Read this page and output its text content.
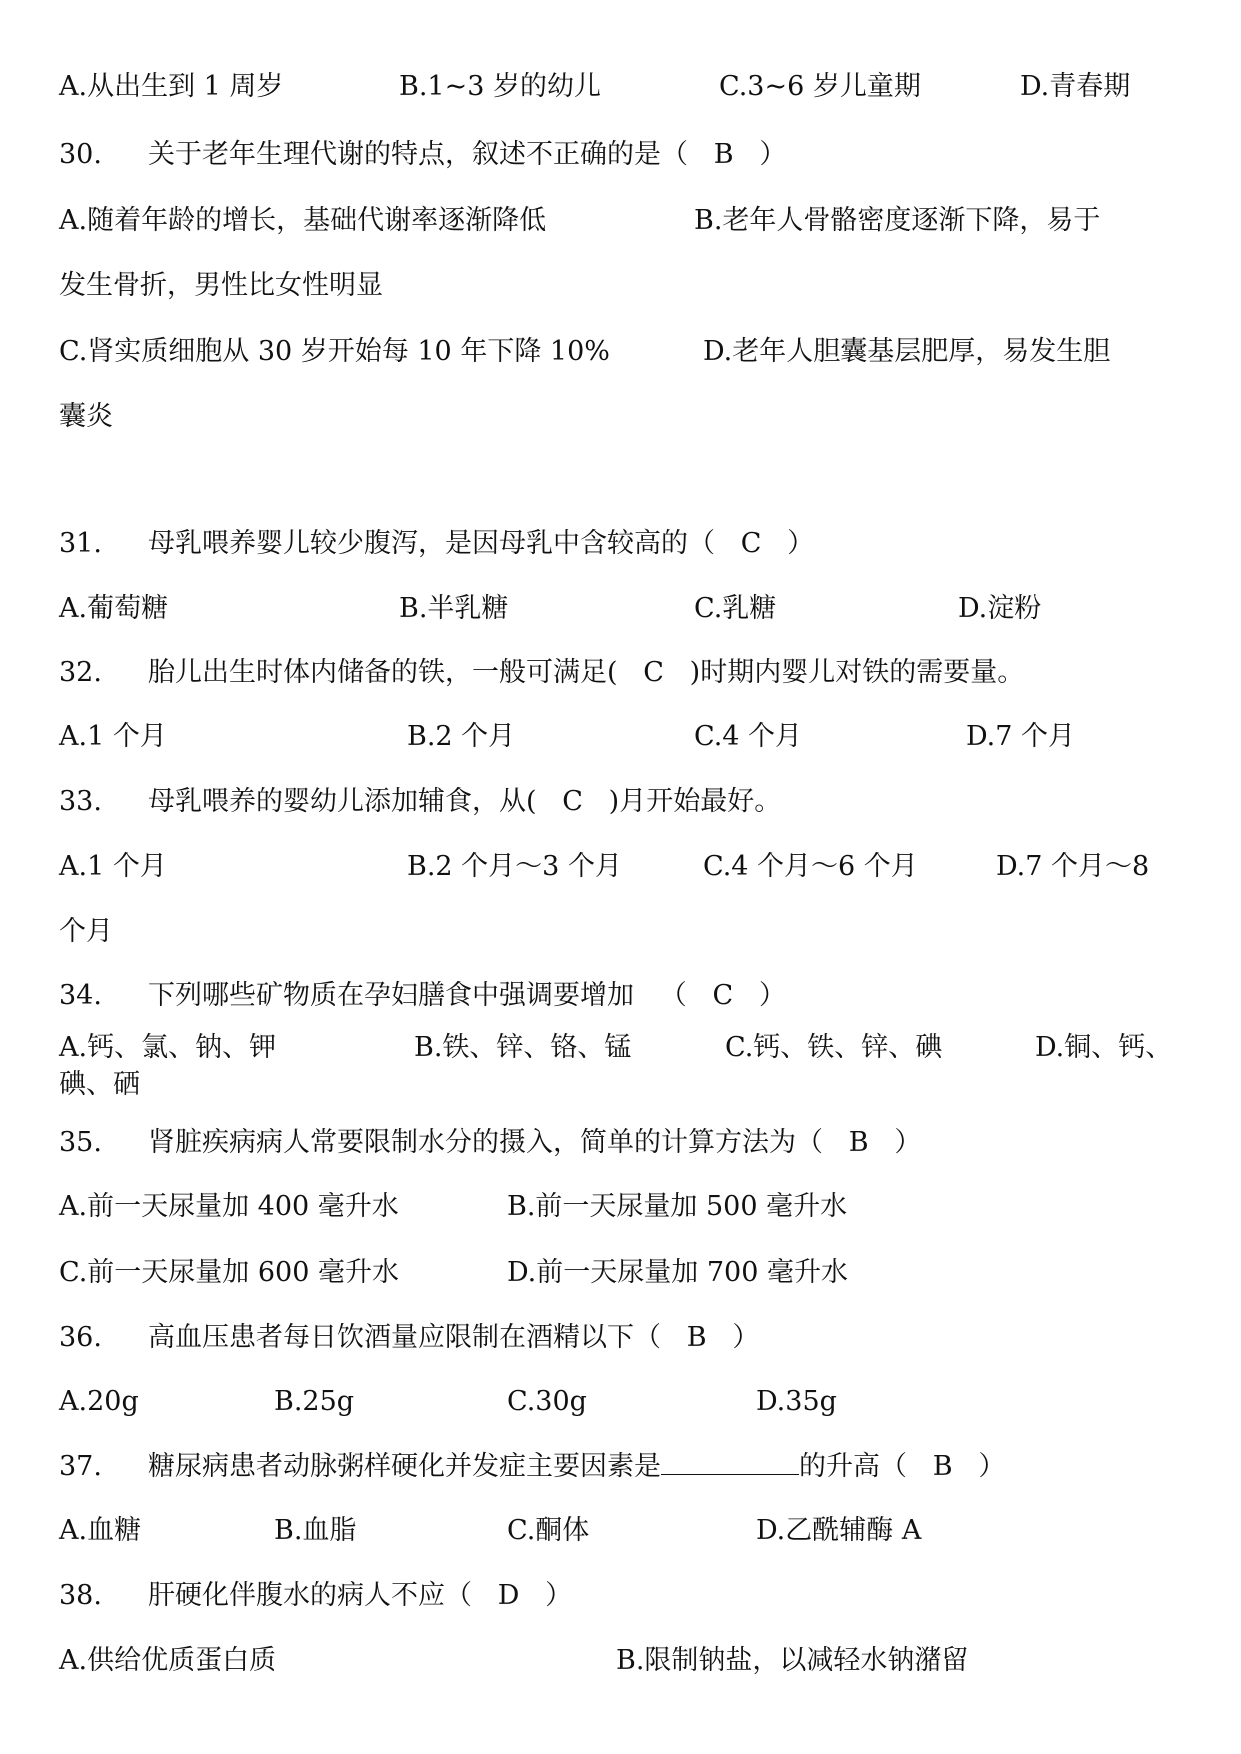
A.从出生到 1 周岁	B.1~3 岁的幼儿	C.3~6 岁儿童期	D.青春期
30. 关于老年生理代谢的特点，叙述不正确的是（   B   ）
A.随着年龄的增长，基础代谢率逐渐降低	B.老年人骨骼密度逐渐下降，易于
发生骨折，男性比女性明显
C.肾实质细胞从 30 岁开始每 10 年下降 10%	D.老年人胆囊基层肥厚，易发生胆
囊炎
31. 母乳喂养婴儿较少腹泻，是因母乳中含较高的（   C   ）
A.葡萄糖	B.半乳糖	C.乳糖	D.淀粉
32. 胎儿出生时体内储备的铁，一般可满足(   C   )时期内婴儿对铁的需要量。
A.1 个月	B.2 个月	C.4 个月	D.7 个月
33. 母乳喂养的婴幼儿添加辅食，从(   C   )月开始最好。
A.1 个月	B.2 个月～3 个月	C.4 个月～6 个月	D.7 个月～8
个月
34. 下列哪些矿物质在孕妇膳食中强调要增加   （   C   ）
A.钙、氯、钠、钾	B.铁、锌、铬、锰	C.钙、铁、锌、碘	D.铜、钙、
碘、硒
35. 肾脏疾病病人常要限制水分的摄入，简单的计算方法为（   B   ）
A.前一天尿量加 400 毫升水	B.前一天尿量加 500 毫升水
C.前一天尿量加 600 毫升水	D.前一天尿量加 700 毫升水
36. 高血压患者每日饮酒量应限制在酒精以下（   B   ）
A.20g	B.25g	C.30g	D.35g
37. 糖尿病患者动脉粥样硬化并发症主要因素是	的升高（   B   ）
A.血糖	B.血脂	C.酮体	D.乙酰辅酶 A
38. 肝硬化伴腹水的病人不应（   D   ）
A.供给优质蛋白质	B.限制钠盐，以减轻水钠潴留
